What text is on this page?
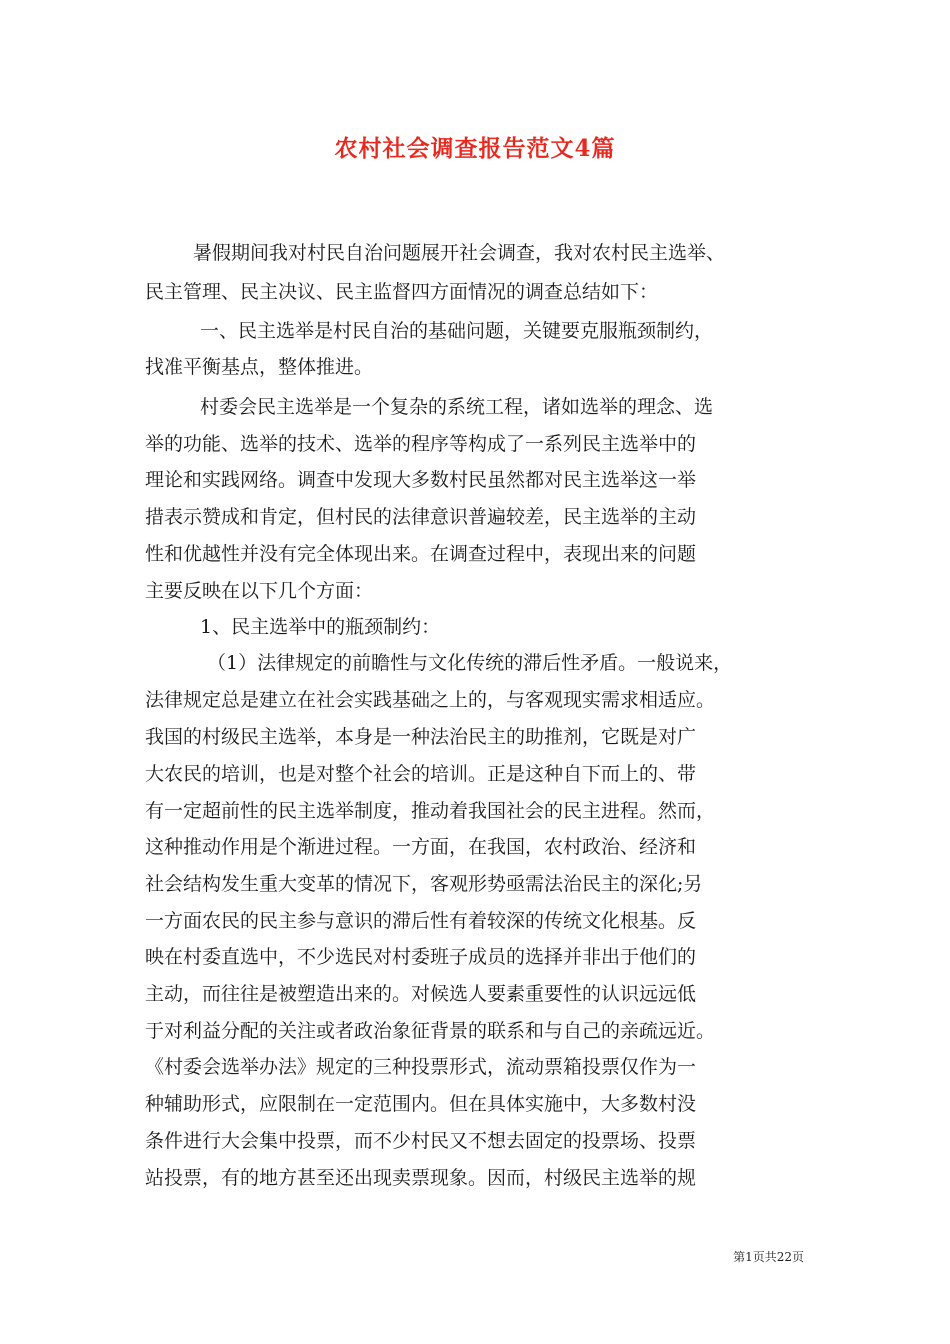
农村社会调查报告范文4篇
暑假期间我对村民自治问题展开社会调查，我对农村民主选举、
民主管理、民主决议、民主监督四方面情况的调查总结如下：
一、民主选举是村民自治的基础问题，关键要克服瓶颈制约，
找准平衡基点，整体推进。
村委会民主选举是一个复杂的系统工程，诸如选举的理念、选
举的功能、选举的技术、选举的程序等构成了一系列民主选举中的
理论和实践网络。调查中发现大多数村民虽然都对民主选举这一举
措表示赞成和肯定，但村民的法律意识普遍较差，民主选举的主动
性和优越性并没有完全体现出来。在调查过程中，表现出来的问题
主要反映在以下几个方面：
1、民主选举中的瓶颈制约：
（1）法律规定的前瞻性与文化传统的滞后性矛盾。一般说来，
法律规定总是建立在社会实践基础之上的，与客观现实需求相适应。
我国的村级民主选举，本身是一种法治民主的助推剂，它既是对广
大农民的培训，也是对整个社会的培训。正是这种自下而上的、带
有一定超前性的民主选举制度，推动着我国社会的民主进程。然而，
这种推动作用是个渐进过程。一方面，在我国，农村政治、经济和
社会结构发生重大变革的情况下，客观形势亟需法治民主的深化;另
一方面农民的民主参与意识的滞后性有着较深的传统文化根基。反
映在村委直选中，不少选民对村委班子成员的选择并非出于他们的
主动，而往往是被塑造出来的。对候选人要素重要性的认识远远低
于对利益分配的关注或者政治象征背景的联系和与自己的亲疏远近。
《村委会选举办法》规定的三种投票形式，流动票箱投票仅作为一
种辅助形式，应限制在一定范围内。但在具体实施中，大多数村没
条件进行大会集中投票，而不少村民又不想去固定的投票场、投票
站投票，有的地方甚至还出现卖票现象。因而，村级民主选举的规
第1页共22页
